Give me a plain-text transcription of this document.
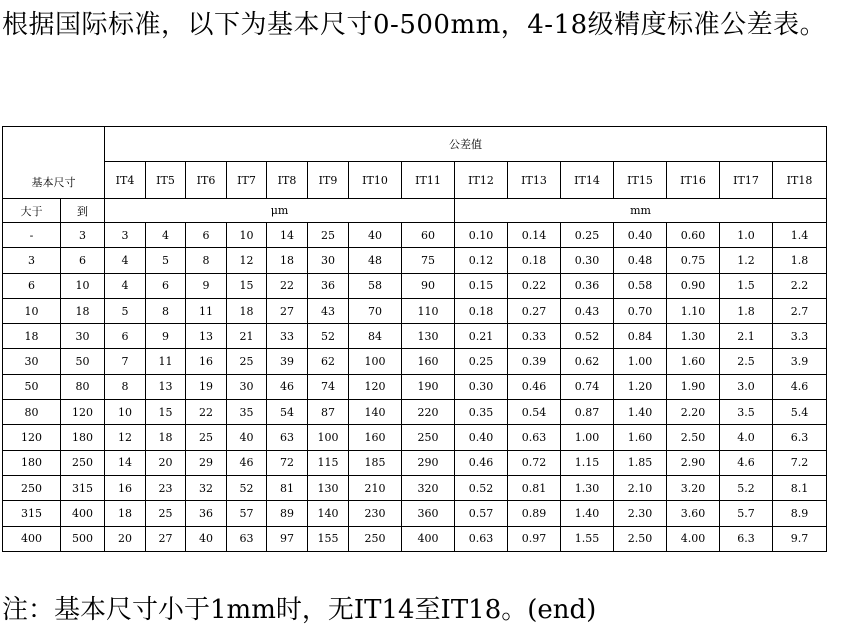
根据国际标准，以下为基本尺寸0-500mm，4-18级精度标准公差表。
基本尺寸		公差值														
		IT4	IT5	IT6	IT7	IT8	IT9	IT10	IT11	IT12	IT13	IT14	IT15	IT16	IT17	IT18
大于	到	μm								mm						
-	3	3	4	6	10	14	25	40	60	0.10	0.14	0.25	0.40	0.60	1.0	1.4
3	6	4	5	8	12	18	30	48	75	0.12	0.18	0.30	0.48	0.75	1.2	1.8
6	10	4	6	9	15	22	36	58	90	0.15	0.22	0.36	0.58	0.90	1.5	2.2
10	18	5	8	11	18	27	43	70	110	0.18	0.27	0.43	0.70	1.10	1.8	2.7
18	30	6	9	13	21	33	52	84	130	0.21	0.33	0.52	0.84	1.30	2.1	3.3
30	50	7	11	16	25	39	62	100	160	0.25	0.39	0.62	1.00	1.60	2.5	3.9
50	80	8	13	19	30	46	74	120	190	0.30	0.46	0.74	1.20	1.90	3.0	4.6
80	120	10	15	22	35	54	87	140	220	0.35	0.54	0.87	1.40	2.20	3.5	5.4
120	180	12	18	25	40	63	100	160	250	0.40	0.63	1.00	1.60	2.50	4.0	6.3
180	250	14	20	29	46	72	115	185	290	0.46	0.72	1.15	1.85	2.90	4.6	7.2
250	315	16	23	32	52	81	130	210	320	0.52	0.81	1.30	2.10	3.20	5.2	8.1
315	400	18	25	36	57	89	140	230	360	0.57	0.89	1.40	2.30	3.60	5.7	8.9
400	500	20	27	40	63	97	155	250	400	0.63	0.97	1.55	2.50	4.00	6.3	9.7

注：基本尺寸小于1mm时，无IT14至IT18。(end)
